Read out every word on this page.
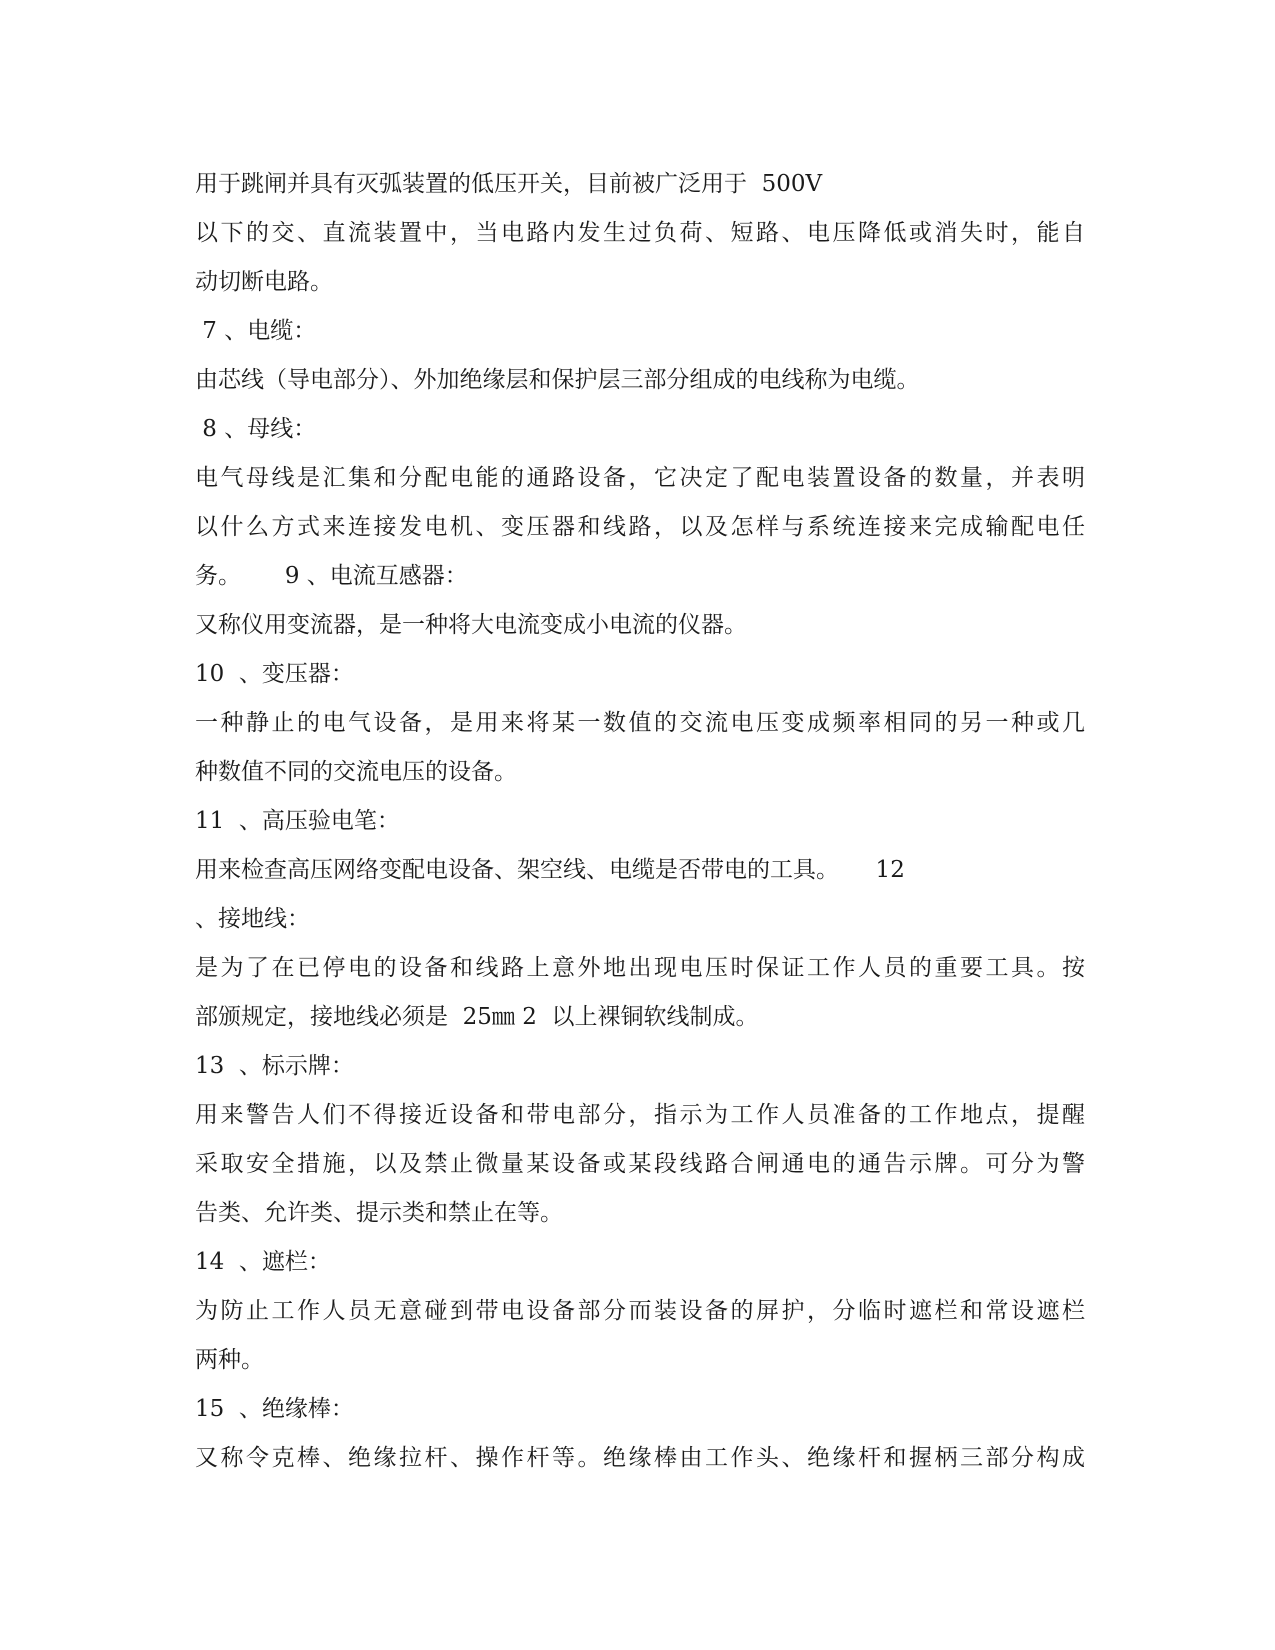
用于跳闸并具有灭弧装置的低压开关，目前被广泛用于  500V
以下的交、直流装置中，当电路内发生过负荷、短路、电压降低或消失时，能自
动切断电路。
7 、电缆：
由芯线（导电部分）、外加绝缘层和保护层三部分组成的电线称为电缆。
8 、母线：
电气母线是汇集和分配电能的通路设备，它决定了配电装置设备的数量，并表明
以什么方式来连接发电机、变压器和线路，以及怎样与系统连接来完成输配电任
务。      9 、电流互感器：
又称仪用变流器，是一种将大电流变成小电流的仪器。
10  、变压器：
一种静止的电气设备，是用来将某一数值的交流电压变成频率相同的另一种或几
种数值不同的交流电压的设备。
11  、高压验电笔：
用来检查高压网络变配电设备、架空线、电缆是否带电的工具。     12
、接地线：
是为了在已停电的设备和线路上意外地出现电压时保证工作人员的重要工具。按
部颁规定，接地线必须是  25㎜ 2  以上裸铜软线制成。
13  、标示牌：
用来警告人们不得接近设备和带电部分，指示为工作人员准备的工作地点，提醒
采取安全措施，以及禁止微量某设备或某段线路合闸通电的通告示牌。可分为警
告类、允许类、提示类和禁止在等。
14  、遮栏：
为防止工作人员无意碰到带电设备部分而装设备的屏护，分临时遮栏和常设遮栏
两种。
15  、绝缘棒：
又称令克棒、绝缘拉杆、操作杆等。绝缘棒由工作头、绝缘杆和握柄三部分构成
